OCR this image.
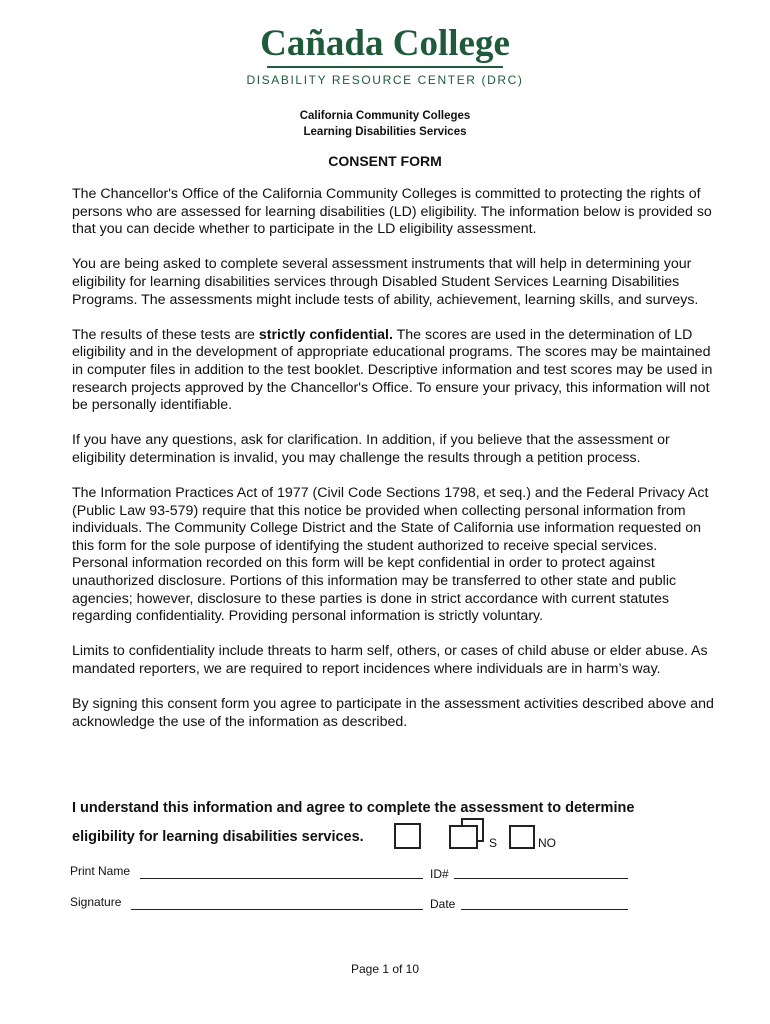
Cañada College
DISABILITY RESOURCE CENTER (DRC)
California Community Colleges
Learning Disabilities Services
CONSENT FORM

The Chancellor's Office of the California Community Colleges is committed to protecting the rights of persons who are assessed for learning disabilities (LD) eligibility. The information below is provided so that you can decide whether to participate in the LD eligibility assessment.

You are being asked to complete several assessment instruments that will help in determining your eligibility for learning disabilities services through Disabled Student Services Learning Disabilities Programs. The assessments might include tests of ability, achievement, learning skills, and surveys.

The results of these tests are strictly confidential. The scores are used in the determination of LD eligibility and in the development of appropriate educational programs. The scores may be maintained in computer files in addition to the test booklet. Descriptive information and test scores may be used in research projects approved by the Chancellor's Office. To ensure your privacy, this information will not be personally identifiable.

If you have any questions, ask for clarification. In addition, if you believe that the assessment or eligibility determination is invalid, you may challenge the results through a petition process.

The Information Practices Act of 1977 (Civil Code Sections 1798, et seq.) and the Federal Privacy Act (Public Law 93-579) require that this notice be provided when collecting personal information from individuals. The Community College District and the State of California use information requested on this form for the sole purpose of identifying the student authorized to receive special services. Personal information recorded on this form will be kept confidential in order to protect against unauthorized disclosure. Portions of this information may be transferred to other state and public agencies; however, disclosure to these parties is done in strict accordance with current statutes regarding confidentiality. Providing personal information is strictly voluntary.

Limits to confidentiality include threats to harm self, others, or cases of child abuse or elder abuse. As mandated reporters, we are required to report incidences where individuals are in harm’s way.

By signing this consent form you agree to participate in the assessment activities described above and acknowledge the use of the information as described.

I understand this information and agree to complete the assessment to determine
eligibility for learning disabilities services.	S	NO
Print Name	ID#
Signature	Date
Page 1 of 10
